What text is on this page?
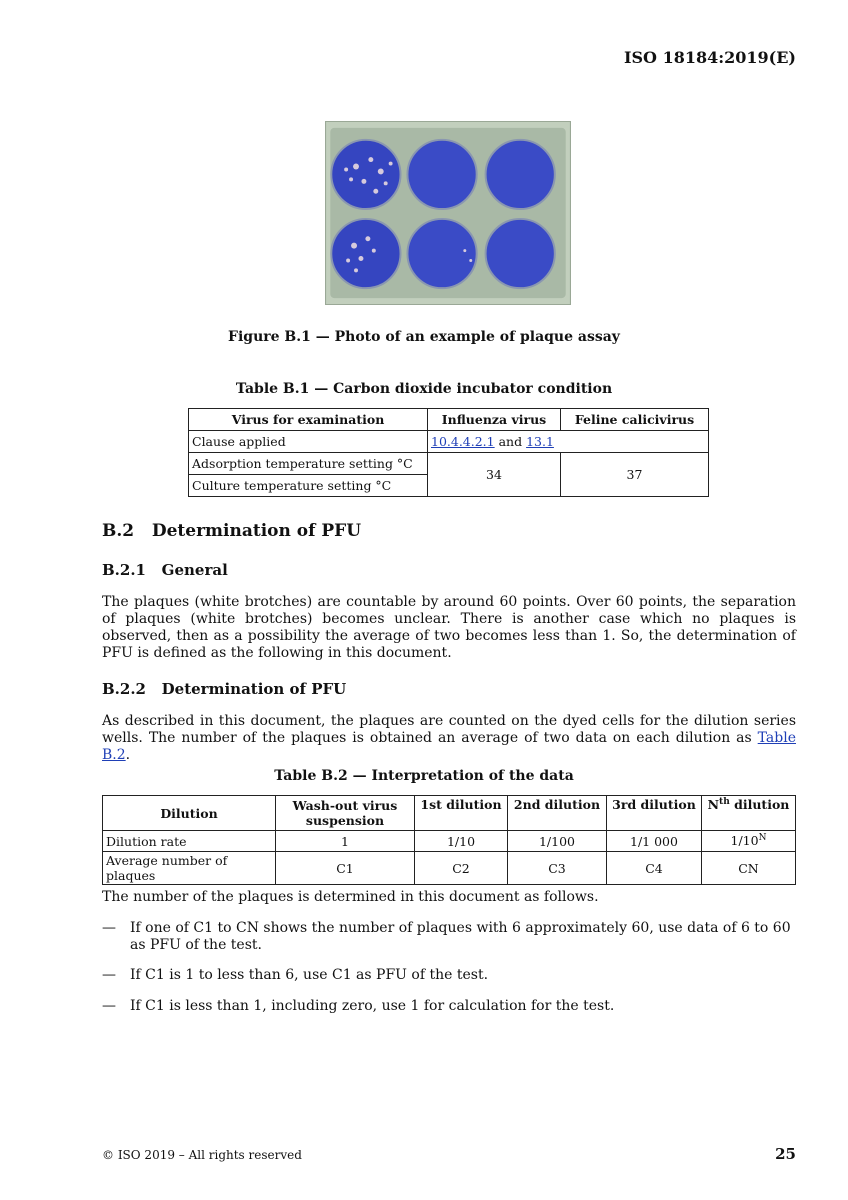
ISO 18184:2019(E)
Figure B.1 — Photo of an example of plaque assay
Table B.1 — Carbon dioxide incubator condition
Virus for examination	Influenza virus	Feline calicivirus
Clause applied	10.4.4.2.1 and 13.1	
Adsorption temperature setting °C	34	37
Culture temperature setting °C		
B.2   Determination of PFU
B.2.1   General
The plaques (white brotches) are countable by around 60 points. Over 60 points, the separation of plaques (white brotches) becomes unclear. There is another case which no plaques is observed, then as a possibility the average of two becomes less than 1. So, the determination of PFU is defined as the following in this document.
B.2.2   Determination of PFU
As described in this document, the plaques are counted on the dyed cells for the dilution series wells. The number of the plaques is obtained an average of two data on each dilution as Table B.2.
Table B.2 — Interpretation of the data
Dilution	Wash-out virus suspension	1st dilution	2nd dilution	3rd dilution	$N^{th}$ dilution
Dilution rate	1	1/10	1/100	1/1 000	$1/10^N$
Average number of plaques	C1	C2	C3	C4	CN
The number of the plaques is determined in this document as follows.
— If one of C1 to CN shows the number of plaques with 6 approximately 60, use data of 6 to 60 as PFU of the test.
— If C1 is 1 to less than 6, use C1 as PFU of the test.
— If C1 is less than 1, including zero, use 1 for calculation for the test.
© ISO 2019 – All rights reserved	25
